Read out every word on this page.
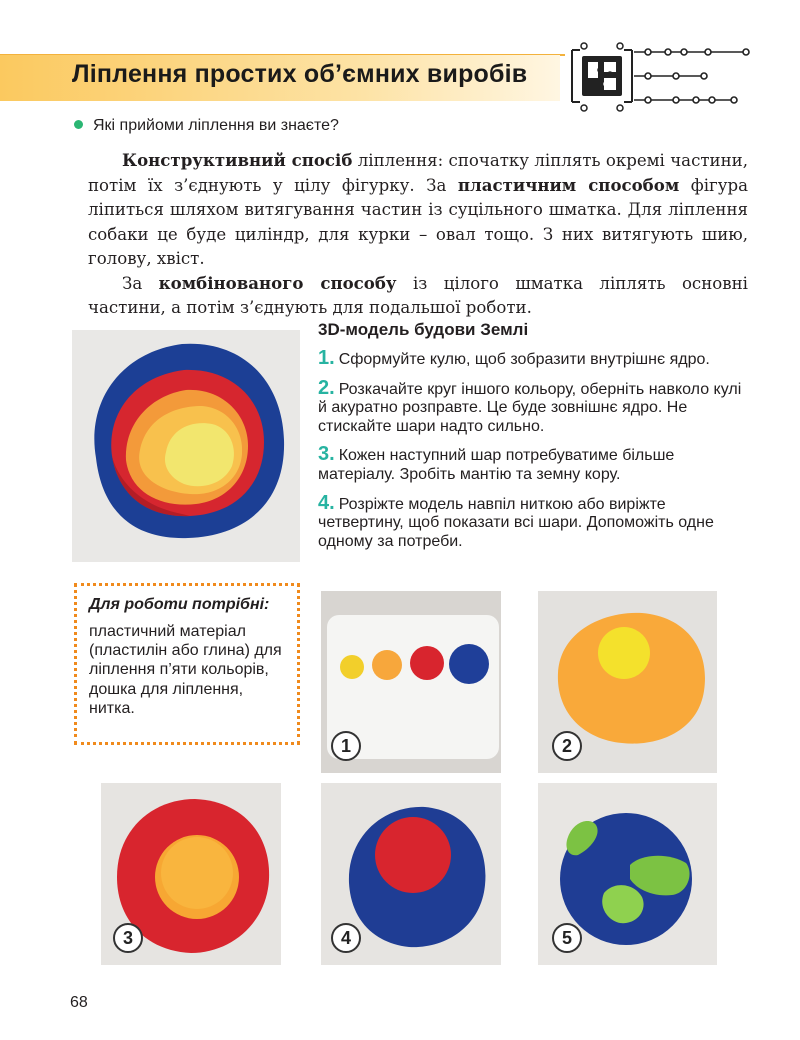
Ліплення простих об’ємних виробів
Які прийоми ліплення ви знаєте?

Конструктивний спосіб ліплення: спочатку ліплять окремі частини, потім їх з’єднують у цілу фігурку. За пластичним способом фігура ліпиться шляхом витягування частин із суцільного шматка. Для ліплення собаки це буде циліндр, для курки – овал тощо. З них витягують шию, голову, хвіст.

За комбінованого способу із цілого шматка ліплять основні частини, а потім з’єднують для подальшої роботи.

3D-модель будови Землі
1. Сформуйте кулю, щоб зобразити внутрішнє ядро.
2. Розкачайте круг іншого кольору, оберніть навколо кулі й акуратно розправте. Це буде зовнішнє ядро. Не стискайте шари надто сильно.
3. Кожен наступний шар потребуватиме більше матеріалу. Зробіть мантію та земну кору.
4. Розріжте модель навпіл ниткою або виріжте четвертину, щоб показати всі шари. Допоможіть одне одному за потреби.
Для роботи потрібні:
пластичний матеріал (пластилін або глина) для ліплення п’яти кольорів, дошка для ліплення, нитка.
1	2
3	4	5
68
